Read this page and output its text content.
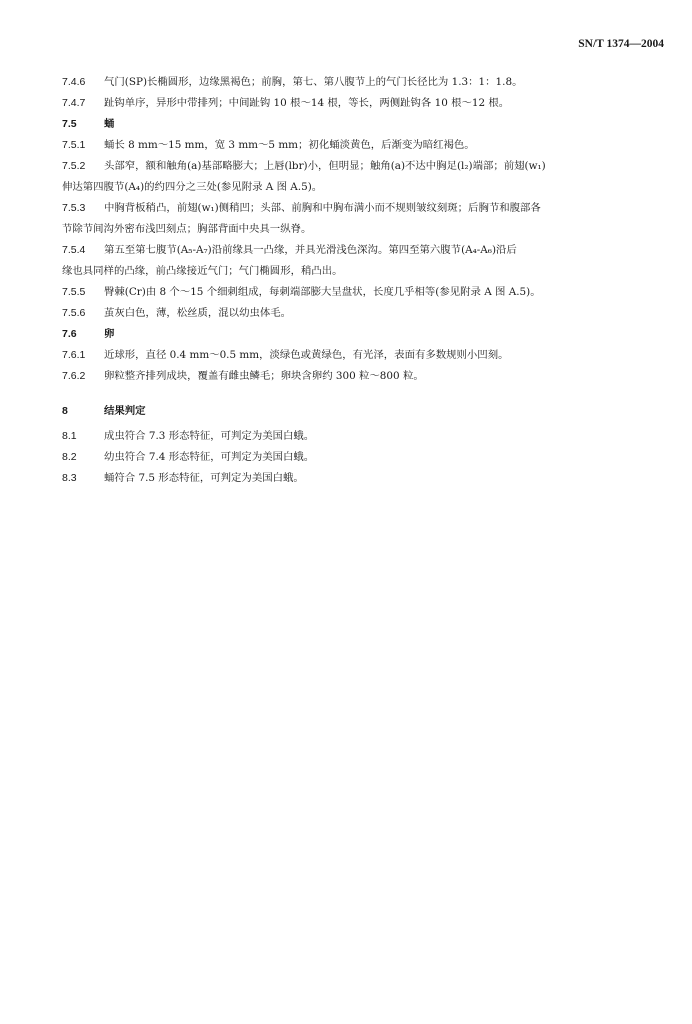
SN/T 1374—2004
7.4.6 气门(SP)长椭圆形，边缘黑褐色；前胸，第七、第八腹节上的气门长径比为 1.3：1：1.8。
7.4.7 趾钩单序，异形中带排列；中间趾钩 10 根～14 根，等长，两侧趾钩各 10 根～12 根。
7.5	蛹
7.5.1 蛹长 8 mm～15 mm，宽 3 mm～5 mm；初化蛹淡黄色，后渐变为暗红褐色。
7.5.2 头部窄，额和触角(a)基部略膨大；上唇(lbr)小，但明显；触角(a)不达中胸足(l₂)端部；前翅(w₁)
伸达第四腹节(A₄)的约四分之三处(参见附录 A 图 A.5)。
7.5.3 中胸背板稍凸，前翅(w₁)侧稍凹；头部、前胸和中胸布满小而不规则皱纹刻斑；后胸节和腹部各
节除节间沟外密布浅凹刻点；胸部背面中央具一纵脊。
7.5.4 第五至第七腹节(A₅-A₇)沿前缘具一凸缘，并具光滑浅色深沟。第四至第六腹节(A₄-A₆)沿后
缘也具同样的凸缘，前凸缘接近气门；气门椭圆形，稍凸出。
7.5.5 臀棘(Cr)由 8 个～15 个细刺组成，每刺端部膨大呈盘状，长度几乎相等(参见附录 A 图 A.5)。
7.5.6 茧灰白色，薄，松丝质，混以幼虫体毛。
7.6	卵
7.6.1 近球形，直径 0.4 mm～0.5 mm，淡绿色或黄绿色，有光泽，表面有多数规则小凹刻。
7.6.2 卵粒整齐排列成块，覆盖有雌虫鳞毛；卵块含卵约 300 粒～800 粒。
8	结果判定
8.1	成虫符合 7.3 形态特征，可判定为美国白蛾。
8.2	幼虫符合 7.4 形态特征，可判定为美国白蛾。
8.3	蛹符合 7.5 形态特征，可判定为美国白蛾。
